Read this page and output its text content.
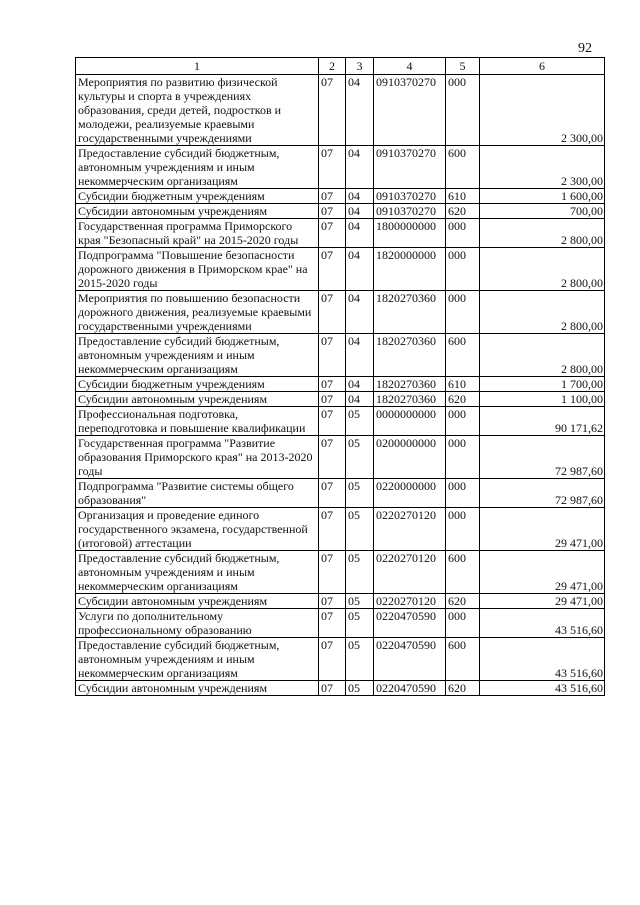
92
1	2	3	4	5	6
Мероприятия по развитию физической культуры и спорта в учреждениях образования, среди детей, подростков и молодежи, реализуемые краевыми государственными учреждениями	07	04	0910370270	000	2 300,00
Предоставление субсидий бюджетным, автономным учреждениям и иным некоммерческим организациям	07	04	0910370270	600	2 300,00
Субсидии бюджетным учреждениям	07	04	0910370270	610	1 600,00
Субсидии автономным учреждениям	07	04	0910370270	620	700,00
Государственная программа Приморского края "Безопасный край" на 2015-2020 годы	07	04	1800000000	000	2 800,00
Подпрограмма "Повышение безопасности дорожного движения в Приморском крае" на 2015-2020 годы	07	04	1820000000	000	2 800,00
Мероприятия по повышению безопасности дорожного движения, реализуемые краевыми государственными учреждениями	07	04	1820270360	000	2 800,00
Предоставление субсидий бюджетным, автономным учреждениям и иным некоммерческим организациям	07	04	1820270360	600	2 800,00
Субсидии бюджетным учреждениям	07	04	1820270360	610	1 700,00
Субсидии автономным учреждениям	07	04	1820270360	620	1 100,00
Профессиональная подготовка, переподготовка и повышение квалификации	07	05	0000000000	000	90 171,62
Государственная программа "Развитие образования Приморского края" на 2013-2020 годы	07	05	0200000000	000	72 987,60
Подпрограмма "Развитие системы общего образования"	07	05	0220000000	000	72 987,60
Организация и проведение единого государственного экзамена, государственной (итоговой) аттестации	07	05	0220270120	000	29 471,00
Предоставление субсидий бюджетным, автономным учреждениям и иным некоммерческим организациям	07	05	0220270120	600	29 471,00
Субсидии автономным учреждениям	07	05	0220270120	620	29 471,00
Услуги по дополнительному профессиональному образованию	07	05	0220470590	000	43 516,60
Предоставление субсидий бюджетным, автономным учреждениям и иным некоммерческим организациям	07	05	0220470590	600	43 516,60
Субсидии автономным учреждениям	07	05	0220470590	620	43 516,60
